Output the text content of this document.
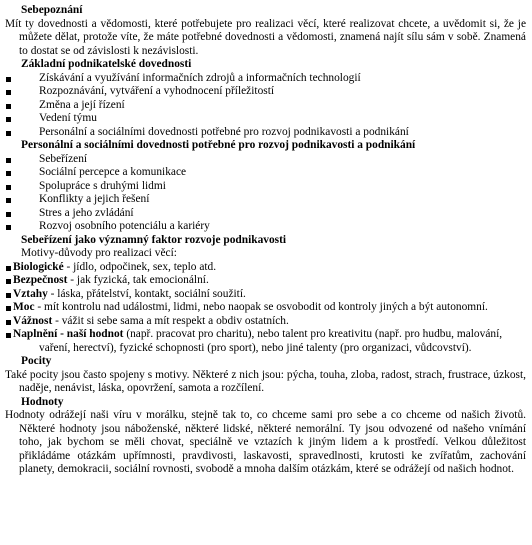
Sebepoznání
Mít ty dovednosti a vědomosti, které potřebujete pro realizaci věcí, které realizovat chcete, a uvědomit si, že je můžete dělat, protože víte, že máte potřebné dovednosti a vědomosti, znamená najít sílu sám v sobě. Znamená to dostat se od závislosti k nezávislosti.
Základní podnikatelské dovednosti
Získávání a využívání informačních zdrojů a informačních technologií
Rozpoznávání, vytváření a vyhodnocení příležitostí
Změna a její řízení
Vedení týmu
Personální a sociálními dovednosti potřebné pro rozvoj podnikavosti a podnikání
Personální a sociálními dovednosti potřebné pro rozvoj podnikavosti a podnikání
Sebeřízení
Sociální percepce a komunikace
Spolupráce s druhými lidmi
Konflikty a jejich řešení
Stres a jeho zvládání
Rozvoj osobního potenciálu a kariéry
Sebeřízení jako významný faktor rozvoje podnikavosti
Motivy-důvody pro realizaci věcí:
Biologické - jídlo, odpočinek, sex, teplo atd.
Bezpečnost - jak fyzická, tak emocionální.
Vztahy - láska, přátelství, kontakt, sociální soužití.
Moc - mít kontrolu nad událostmi, lidmi, nebo naopak se osvobodit od kontroly jiných a být autonomní.
Vážnost - vážit si sebe sama a mít respekt a obdiv ostatních.
Naplnění - naší hodnot (např. pracovat pro charitu), nebo talent pro kreativitu (např. pro hudbu, malování, vaření, herectví), fyzické schopnosti (pro sport), nebo jiné talenty (pro organizaci, vůdcovství).
Pocity
Také pocity jsou často spojeny s motivy. Některé z nich jsou: pýcha, touha, zloba, radost, strach, frustrace, úzkost, naděje, nenávist, láska, opovržení, samota a rozčílení.
Hodnoty
Hodnoty odrážejí naši víru v morálku, stejně tak to, co chceme sami pro sebe a co chceme od našich životů. Některé hodnoty jsou náboženské, některé lidské, některé nemorální. Ty jsou odvozené od našeho vnímání toho, jak bychom se měli chovat, speciálně ve vztazích k jiným lidem a k prostředí. Velkou důležitost přikládáme otázkám upřímnosti, pravdivosti, laskavosti, spravedlnosti, krutosti ke zvířatům, zachování planety, demokracii, sociální rovnosti, svobodě a mnoha dalším otázkám, které se odrážejí od našich hodnot.
